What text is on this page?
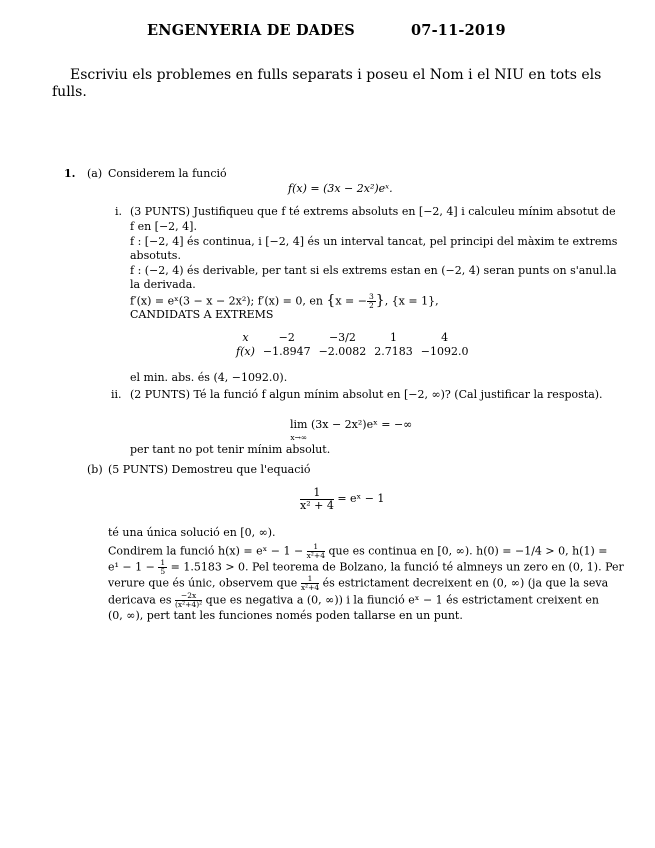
ENGENYERIA DE DADES	07-11-2019
Escriviu els problemes en fulls separats i poseu el Nom i el NIU en tots els
fulls.
1. (a) Considerem la funció
f(x) = (3x − 2x²)eˣ.
i. (3 PUNTS) Justifiqueu que f té extrems absoluts en [−2, 4] i calculeu mínim absotut de
f en [−2, 4].
f : [−2, 4] és continua, i [−2, 4] és un interval tancat, pel principi del màxim te extrems
absotuts.
f : (−2, 4) és derivable, per tant si els extrems estan en (−2, 4) seran punts on s'anul.la
la derivada.
f′(x) = eˣ(3 − x − 2x²); f′(x) = 0, en {x = − $\frac{3}{2}$ }, {x = 1},
CANDIDATS A EXTREMS
x	−2	−3/2	1	4
f(x)	−1.8947	−2.0082	2.7183	−1092.0
el min. abs. és (4, −1092.0).
ii. (2 PUNTS) Té la funció f algun mínim absolut en [−2, ∞)? (Cal justificar la resposta).
lim
x→∞
(3x − 2x²)eˣ = −∞
per tant no pot tenir mínim absolut.
(b) (5 PUNTS) Demostreu que l'equació
$\frac{1}{\text{x² + 4}}$ = eˣ − 1
té una única solució en [0, ∞).
Condirem la funció h(x) = eˣ − $1 - \frac{1}{\text{x²+4}}$ que es continua en [0, ∞). h(0) = −1/4 > 0, h(1) =
$e^1 - 1 - \frac{1}{5} = 1.5183 > 0$. Pel teorema de Bolzano, la funció té almneys un zero en (0, 1). Per
verure que és únic, observem que $\frac{1}{\text{x²+4}}$ és estrictament decreixent en (0, ∞) (ja que la seva
dericava es $\frac{-2x}{\text{(x²+4)²}}$ que es negativa a (0, ∞)) i la fiunció eˣ − 1 és estrictament creixent en
(0, ∞), pert tant les funciones només poden tallarse en un punt.
